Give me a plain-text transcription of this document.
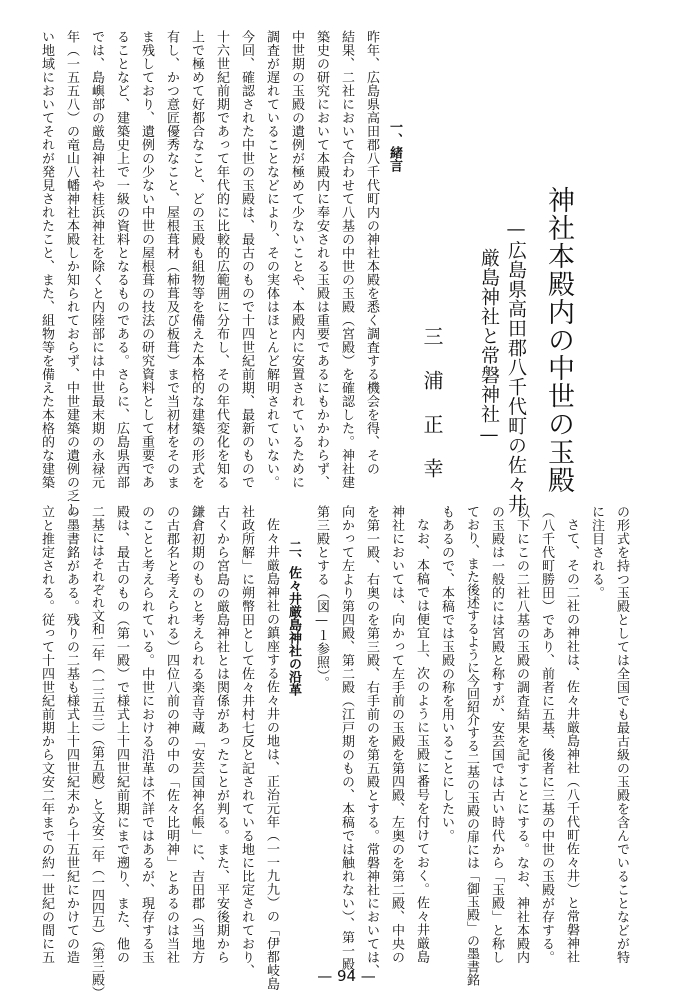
神社本殿内の中世の玉殿
—広島県高田郡八千代町の佐々井
厳島神社と常磐神社—
三浦正幸
一、緒言
昨年、広島県高田郡八千代町内の神社本殿を悉く調査する機会を得、その
結果、二社において合わせて八基の中世の玉殿（宮殿）を確認した。神社建
築史の研究において本殿内に奉安される玉殿は重要であるにもかかわらず、
中世期の玉殿の遺例が極めて少ないことや、本殿内に安置されているために
調査が遅れていることなどにより、その実体はほとんど解明されていない。
今回、確認された中世の玉殿は、最古のもので十四世紀前期、最新のもので
十六世紀前期であって年代的に比較的広範囲に分布し、その年代変化を知る
上で極めて好都合なこと、どの玉殿も組物等を備えた本格的な建築の形式を
有し、かつ意匠優秀なこと、屋根葺材（柿葺及び板葺）まで当初材をそのま
ま残しており、遺例の少ない中世の屋根葺の技法の研究資料として重要であ
ることなど、建築史上で一級の資料となるものである。さらに、広島県西部
では、島嶼部の厳島神社や桂浜神社を除くと内陸部には中世最末期の永禄元
年（一五五八）の竜山八幡神社本殿しか知られておらず、中世建築の遺例の乏し
い地域においてそれが発見されたこと、また、組物等を備えた本格的な建築
の形式を持つ玉殿としては全国でも最古級の玉殿を含んでいることなどが特
に注目される。
さて、その二社の神社は、佐々井厳島神社（八千代町佐々井）と常磐神社
（八千代町勝田）であり、前者に五基、後者に三基の中世の玉殿が存する。
以下にこの二社八基の玉殿の調査結果を記すことにする。なお、神社本殿内
の玉殿は一般的には宮殿と称すが、安芸国では古い時代から「玉殿」と称し
ており、また後述するように今回紹介する二基の玉殿の扉には「御玉殿」の墨書銘
もあるので、本稿では玉殿の称を用いることにしたい。
なお、本稿では便宜上、次のように玉殿に番号を付けておく。佐々井厳島
神社においては、向かって左手前の玉殿を第四殿、左奥のを第二殿、中央の
を第一殿、右奥のを第三殿、右手前のを第五殿とする。常磐神社においては、
向かって左より第四殿、第二殿（江戸期のもの、本稿では触れない）、第一殿、
第三殿とする（図—１参照）。
二、佐々井厳島神社の沿革
佐々井厳島神社の鎮座する佐々井の地は、正治元年（一一九九）の「伊都岐島
社政所解」に朔幣田として佐々井村七反と記されている地に比定されており、
古くから宮島の厳島神社とは関係があったことが判る。また、平安後期から
鎌倉初期のものと考えられる楽音寺蔵「安芸国神名帳」に、吉田郡（当地方
の古郡名と考えられる）四位八前の神の中の「佐々比明神」とあるのは当社
のことと考えられている。中世における沿革は不詳ではあるが、現存する玉
殿は、最古のもの（第一殿）で様式上十四世紀前期にまで遡り、また、他の
二基にはそれぞれ文和二年（一三五三）（第五殿）と文安二年（一四四五）（第三殿）
の墨書銘がある。残りの二基も様式上十四世紀末から十五世紀にかけての造
立と推定される。従って十四世紀前期から文安二年までの約一世紀の間に五
— 94 —
